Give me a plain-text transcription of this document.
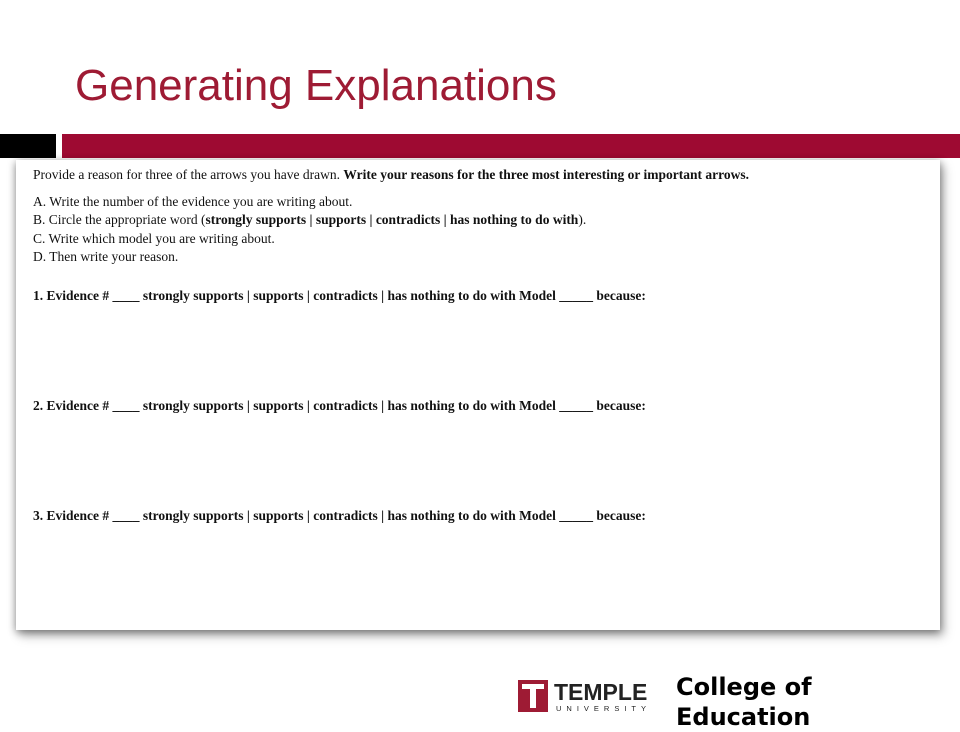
Generating Explanations
Provide a reason for three of the arrows you have drawn. Write your reasons for the three most interesting or important arrows.
A. Write the number of the evidence you are writing about.
B. Circle the appropriate word (strongly supports | supports | contradicts | has nothing to do with).
C. Write which model you are writing about.
D. Then write your reason.
1. Evidence # ____ strongly supports | supports | contradicts | has nothing to do with Model _____ because:
2. Evidence # ____ strongly supports | supports | contradicts | has nothing to do with Model _____ because:
3. Evidence # ____ strongly supports | supports | contradicts | has nothing to do with Model _____ because:
TEMPLE
UNIVERSITY
College of Education
